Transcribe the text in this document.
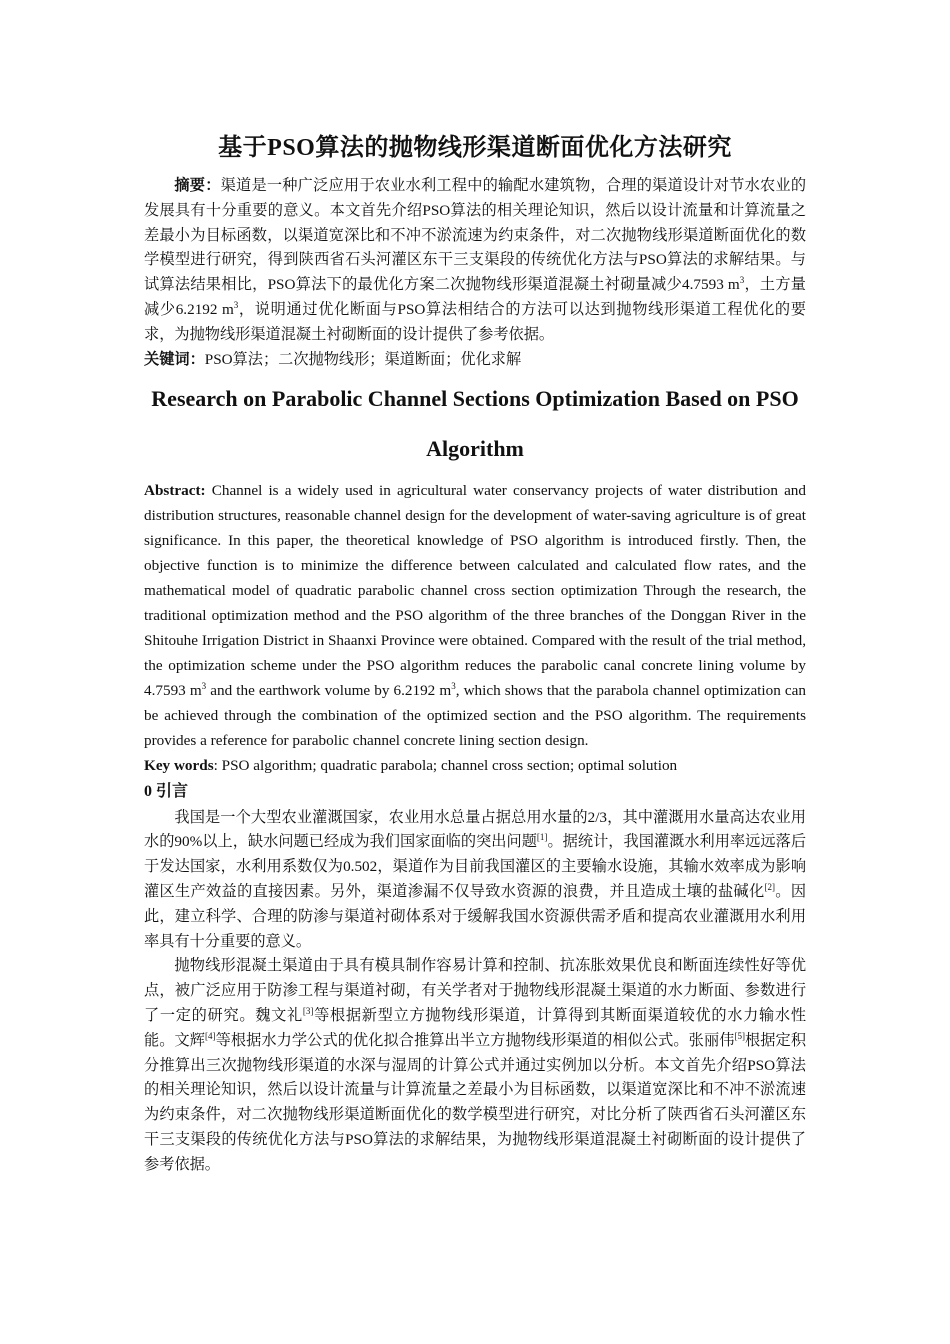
基于PSO算法的抛物线形渠道断面优化方法研究

摘要：渠道是一种广泛应用于农业水利工程中的输配水建筑物，合理的渠道设计对节水农业的发展具有十分重要的意义。本文首先介绍PSO算法的相关理论知识，然后以设计流量和计算流量之差最小为目标函数，以渠道宽深比和不冲不淤流速为约束条件，对二次抛物线形渠道断面优化的数学模型进行研究，得到陕西省石头河灌区东干三支渠段的传统优化方法与PSO算法的求解结果。与试算法结果相比，PSO算法下的最优化方案二次抛物线形渠道混凝土衬砌量减少4.7593 $m^3$，土方量减少6.2192 $m^3$，说明通过优化断面与PSO算法相结合的方法可以达到抛物线形渠道工程优化的要求，为抛物线形渠道混凝土衬砌断面的设计提供了参考依据。

关键词：PSO算法；二次抛物线形；渠道断面；优化求解

Research on Parabolic Channel Sections Optimization Based on PSO Algorithm

Abstract: Channel is a widely used in agricultural water conservancy projects of water distribution and distribution structures, reasonable channel design for the development of water-saving agriculture is of great significance. In this paper, the theoretical knowledge of PSO algorithm is introduced firstly. Then, the objective function is to minimize the difference between calculated and calculated flow rates, and the mathematical model of quadratic parabolic channel cross section optimization Through the research, the traditional optimization method and the PSO algorithm of the three branches of the Donggan River in the Shitouhe Irrigation District in Shaanxi Province were obtained. Compared with the result of the trial method, the optimization scheme under the PSO algorithm reduces the parabolic canal concrete lining volume by 4.7593 $m^3$ and the earthwork volume by 6.2192 $m^3$, which shows that the parabola channel optimization can be achieved through the combination of the optimized section and the PSO algorithm. The requirements provides a reference for parabolic channel concrete lining section design.

Key words: PSO algorithm; quadratic parabola; channel cross section; optimal solution

0 引言

我国是一个大型农业灌溉国家，农业用水总量占据总用水量的2/3，其中灌溉用水量高达农业用水的90%以上，缺水问题已经成为我们国家面临的突出问题[1]。据统计，我国灌溉水利用率远远落后于发达国家，水利用系数仅为0.502，渠道作为目前我国灌区的主要输水设施，其输水效率成为影响灌区生产效益的直接因素。另外，渠道渗漏不仅导致水资源的浪费，并且造成土壤的盐碱化[2]。因此，建立科学、合理的防渗与渠道衬砌体系对于缓解我国水资源供需矛盾和提高农业灌溉用水利用率具有十分重要的意义。

抛物线形混凝土渠道由于具有模具制作容易计算和控制、抗冻胀效果优良和断面连续性好等优点，被广泛应用于防渗工程与渠道衬砌，有关学者对于抛物线形混凝土渠道的水力断面、参数进行了一定的研究。魏文礼[3]等根据新型立方抛物线形渠道，计算得到其断面渠道较优的水力输水性能。文辉[4]等根据水力学公式的优化拟合推算出半立方抛物线形渠道的相似公式。张丽伟[5]根据定积分推算出三次抛物线形渠道的水深与湿周的计算公式并通过实例加以分析。本文首先介绍PSO算法的相关理论知识，然后以设计流量与计算流量之差最小为目标函数，以渠道宽深比和不冲不淤流速为约束条件，对二次抛物线形渠道断面优化的数学模型进行研究，对比分析了陕西省石头河灌区东干三支渠段的传统优化方法与PSO算法的求解结果，为抛物线形渠道混凝土衬砌断面的设计提供了参考依据。
